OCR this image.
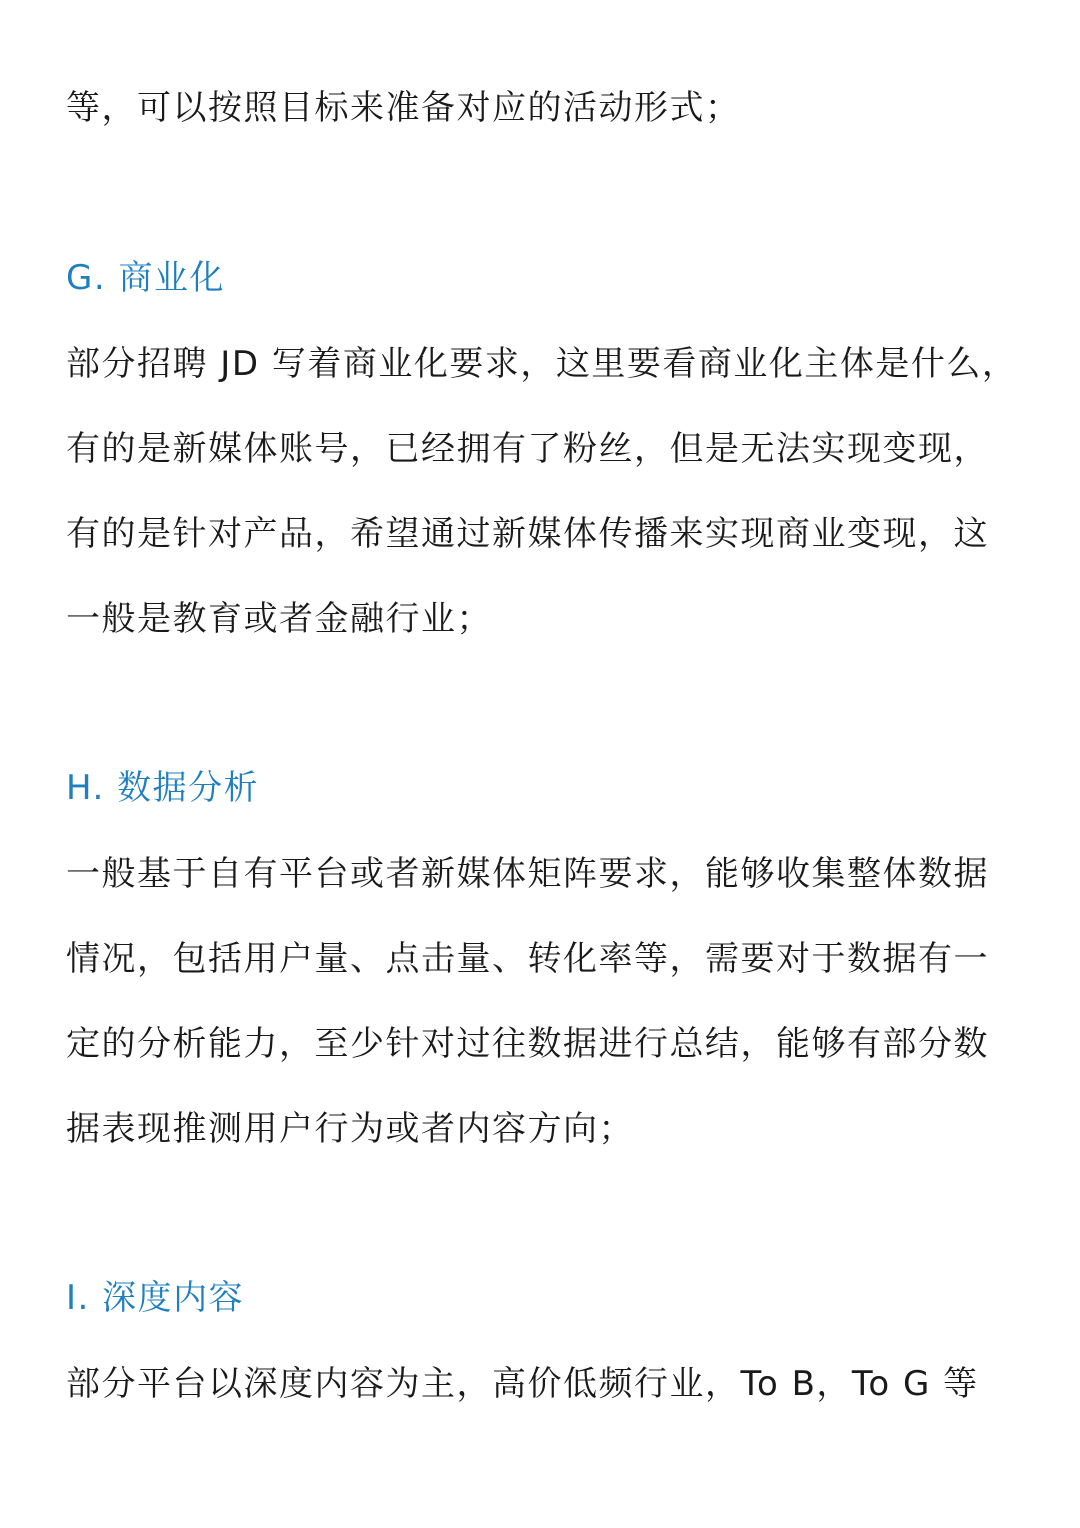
等，可以按照目标来准备对应的活动形式；
G. 商业化
部分招聘 JD 写着商业化要求，这里要看商业化主体是什么，
有的是新媒体账号，已经拥有了粉丝，但是无法实现变现，
有的是针对产品，希望通过新媒体传播来实现商业变现，这
一般是教育或者金融行业；
H. 数据分析
一般基于自有平台或者新媒体矩阵要求，能够收集整体数据
情况，包括用户量、点击量、转化率等，需要对于数据有一
定的分析能力，至少针对过往数据进行总结，能够有部分数
据表现推测用户行为或者内容方向；
I. 深度内容
部分平台以深度内容为主，高价低频行业，To B，To G 等
